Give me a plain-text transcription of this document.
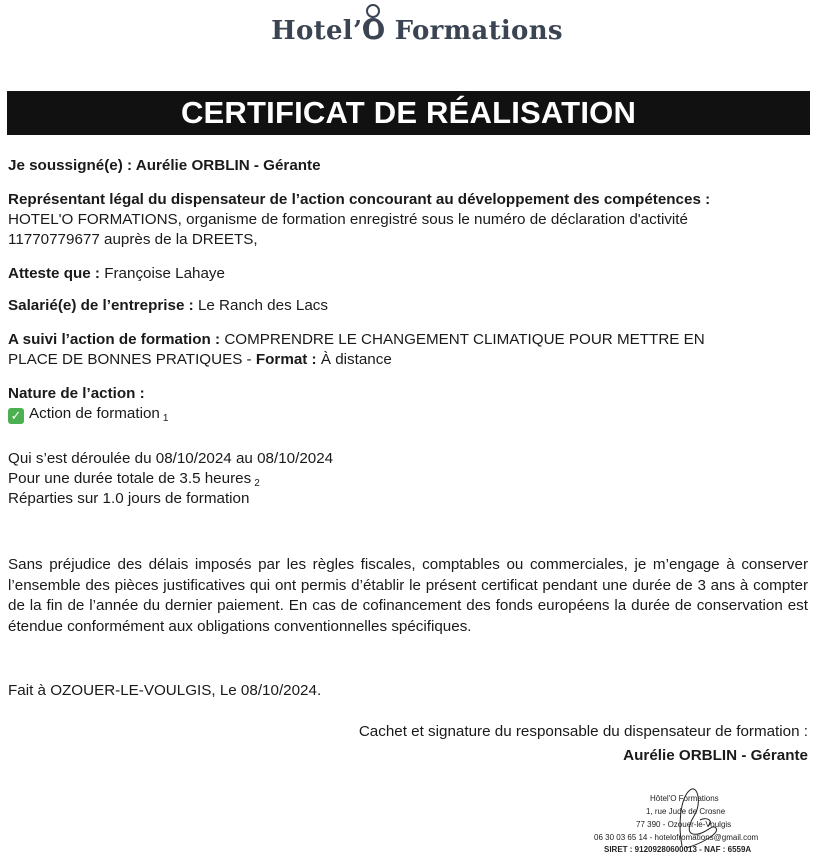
Hotel’O Formations
CERTIFICAT DE RÉALISATION
Je soussigné(e) : Aurélie ORBLIN - Gérante
Représentant légal du dispensateur de l’action concourant au développement des compétences :
HOTEL'O FORMATIONS, organisme de formation enregistré sous le numéro de déclaration d'activité
11770779677 auprès de la DREETS,
Atteste que : Françoise Lahaye
Salarié(e) de l’entreprise : Le Ranch des Lacs
A suivi l’action de formation : COMPRENDRE LE CHANGEMENT CLIMATIQUE POUR METTRE EN
PLACE DE BONNES PRATIQUES - Format : À distance
Nature de l’action :
✓ Action de formation $_1$
Qui s’est déroulée du 08/10/2024 au 08/10/2024
Pour une durée totale de 3.5 heures $_2$
Réparties sur 1.0 jours de formation
Sans préjudice des délais imposés par les règles fiscales, comptables ou commerciales, je m’engage à conserver l’ensemble des pièces justificatives qui ont permis d’établir le présent certificat pendant une durée de 3 ans à compter de la fin de l’année du dernier paiement. En cas de cofinancement des fonds européens la durée de conservation est étendue conformément aux obligations conventionnelles spécifiques.
Fait à OZOUER-LE-VOULGIS, Le 08/10/2024.
Cachet et signature du responsable du dispensateur de formation :
Aurélie ORBLIN - Gérante
Hôtel'O Formations
1, rue Jude de Crosne
77 390 - Ozouer-le-Voulgis
06 30 03 65 14 - hotelofromations@gmail.com
SIRET : 91209280600013 - NAF : 6559A
